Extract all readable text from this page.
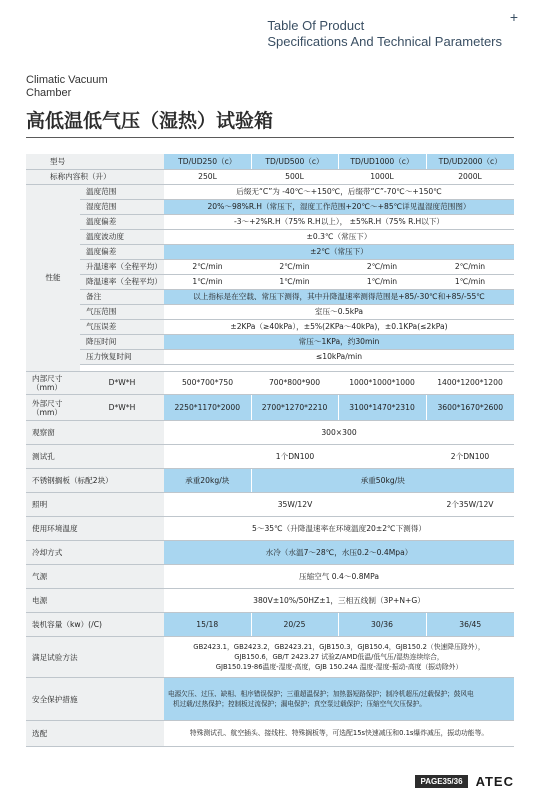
Table Of Product
Specifications And Technical Parameters
+
Climatic Vacuum
Chamber
高低温低气压（湿热）试验箱
型号		TD/UD250（c）	TD/UD500（c）	TD/UD1000（c）	TD/UD2000（c）
标称内容积（升）		250L	500L	1000L	2000L
性能	温度范围	后缀无“C”为 -40℃～+150℃，后缀带“C”-70℃～+150℃			
	湿度范围	20%～98%R.H（常压下，湿度工作范围+20℃～+85℃详见温湿度范围图）			
	温度偏差	-3～+2%R.H（75% R.H以上）， ±5%R.H（75% R.H以下）			
	温度波动度	±0.3℃（常压下）			
	温度偏差	±2℃（常压下）			
	升温速率（全程平均）	2℃/min	2℃/min	2℃/min	2℃/min
	降温速率（全程平均）	1℃/min	1℃/min	1℃/min	1℃/min
	备注	以上指标是在空载、常压下测得，其中升降温速率测得范围是+85/-30℃和+85/-55℃			
	气压范围	室压～0.5kPa			
	气压误差	±2KPa（≥40kPa），±5%(2KPa～40kPa)，±0.1KPa(≤2kPa)			
	降压时间	常压～1KPa，约30min			
	压力恢复时间	≤10kPa/min			

内部尺寸（mm）	D*W*H	500*700*750	700*800*900	1000*1000*1000	1400*1200*1200
外部尺寸（mm）	D*W*H	2250*1170*2000	2700*1270*2210	3100*1470*2310	3600*1670*2600
观察窗		300×300			
测试孔		1个DN100			2个DN100
不锈钢搁板（标配2块）		承重20kg/块	承重50kg/块		
照明		35W/12V			2个35W/12V
使用环境温度		5～35℃（升降温速率在环境温度20±2℃下测得）			
冷却方式		水冷（水温7～28℃，水压0.2～0.4Mpa）			
气源		压缩空气 0.4～0.8MPa			
电源		380V±10%/50HZ±1，三相五线制（3P+N+G）			
装机容量（kw）(/C)		15/18	20/25	30/36	36/45
满足试验方法		GB2423.1，GB2423.2，GB2423.21，GJB150.3，GJB150.4，GJB150.2（快速降压除外），
GJB150.6，GB/T 2423.27 试验Z/AMD低温/低气压/湿热连续综合，
GJB150.19-86温度-湿度-高度，GJB 150.24A 温度-湿度-振动-高度（振动除外）			

安全保护措施		电源欠压、过压、缺相、相序错误保护；三重超温保护；加热器短路保护；制冷机超压/过载保护；鼓风电
机过载/过热保护；控制板过流保护；漏电保护；真空泵过载保护；压缩空气欠压保护。			

选配		特殊测试孔、航空插头、接线柱、特殊搁板等，可选配15s快速减压和0.1s爆炸减压，振动功能等。			
PAGE35/36	ATEC
